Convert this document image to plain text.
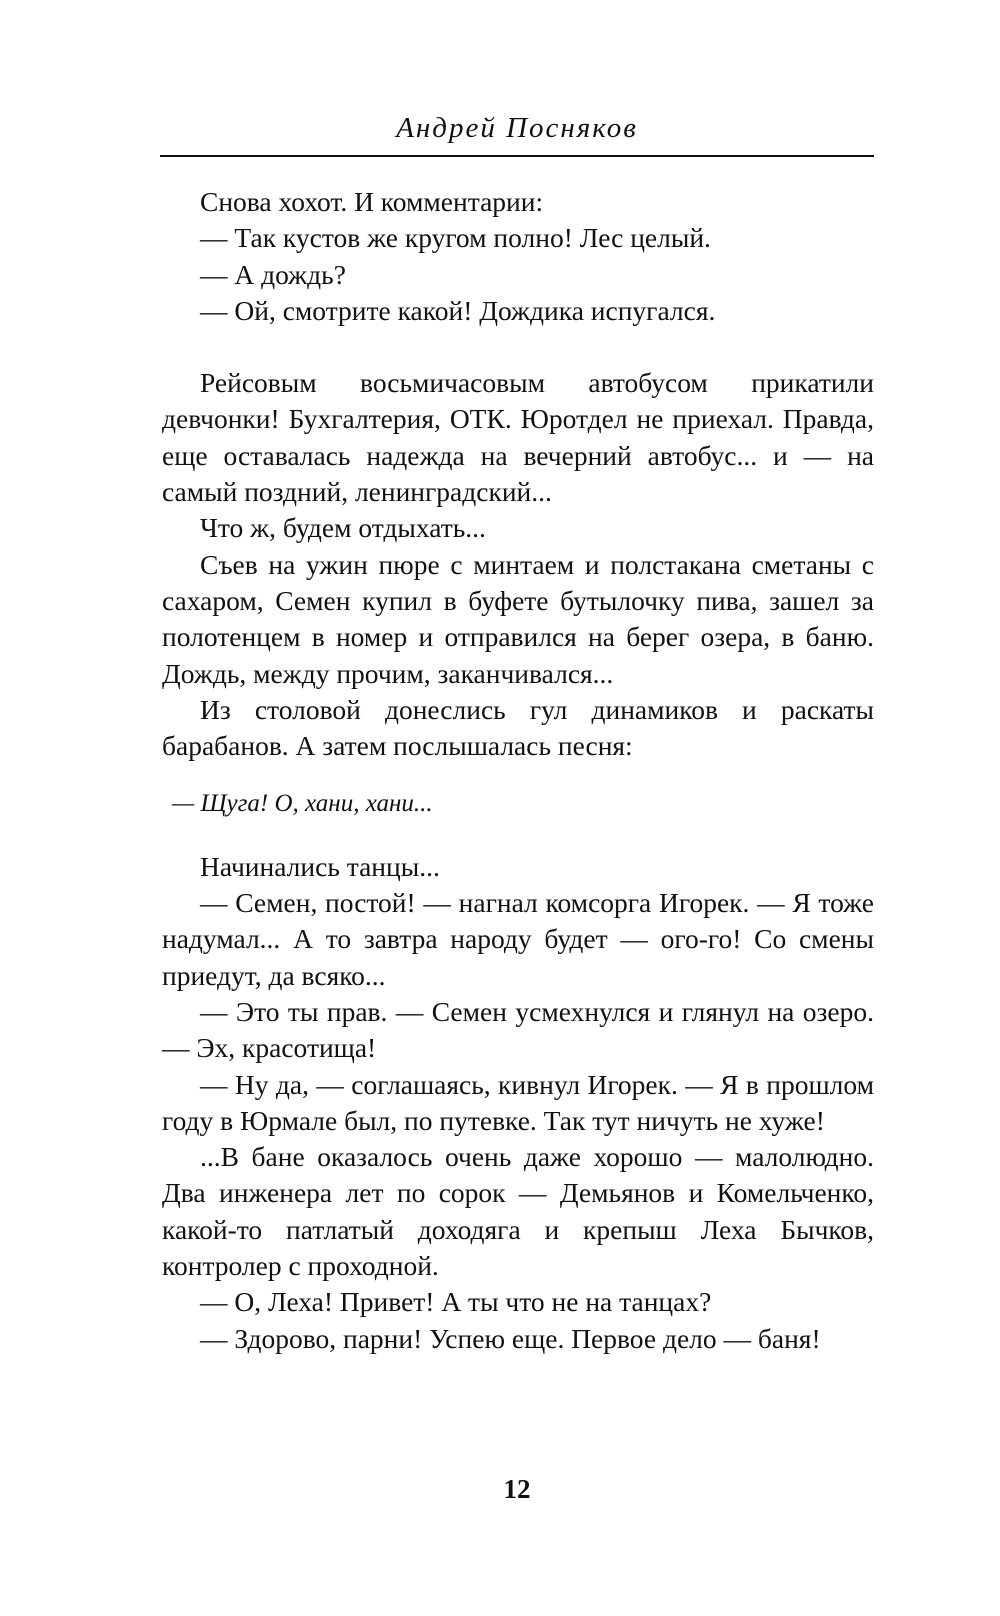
Андрей Посняков

Снова хохот. И комментарии:

— Так кустов же кругом полно! Лес целый.

— А дождь?

— Ой, смотрите какой! Дождика испугался.

Рейсовым восьмичасовым автобусом прикатили девчонки! Бухгалтерия, ОТК. Юротдел не приехал. Правда, еще оставалась надежда на вечерний автобус... и — на самый поздний, ленинградский...

Что ж, будем отдыхать...

Съев на ужин пюре с минтаем и полстакана сметаны с сахаром, Семен купил в буфете бутылочку пива, зашел за полотенцем в номер и отправился на берег озера, в баню. Дождь, между прочим, заканчивался...

Из столовой донеслись гул динамиков и раскаты барабанов. А затем послышалась песня:

— Щуга! О, хани, хани...

Начинались танцы...

— Семен, постой! — нагнал комсорга Игорек. — Я тоже надумал... А то завтра народу будет — ого-го! Со смены приедут, да всяко...

— Это ты прав. — Семен усмехнулся и глянул на озеро. — Эх, красотища!

— Ну да, — соглашаясь, кивнул Игорек. — Я в прошлом году в Юрмале был, по путевке. Так тут ничуть не хуже!

...В бане оказалось очень даже хорошо — малолюдно. Два инженера лет по сорок — Демьянов и Комельченко, какой-то патлатый доходяга и крепыш Леха Бычков, контролер с проходной.

— О, Леха! Привет! А ты что не на танцах?

— Здорово, парни! Успею еще. Первое дело — баня!

12
